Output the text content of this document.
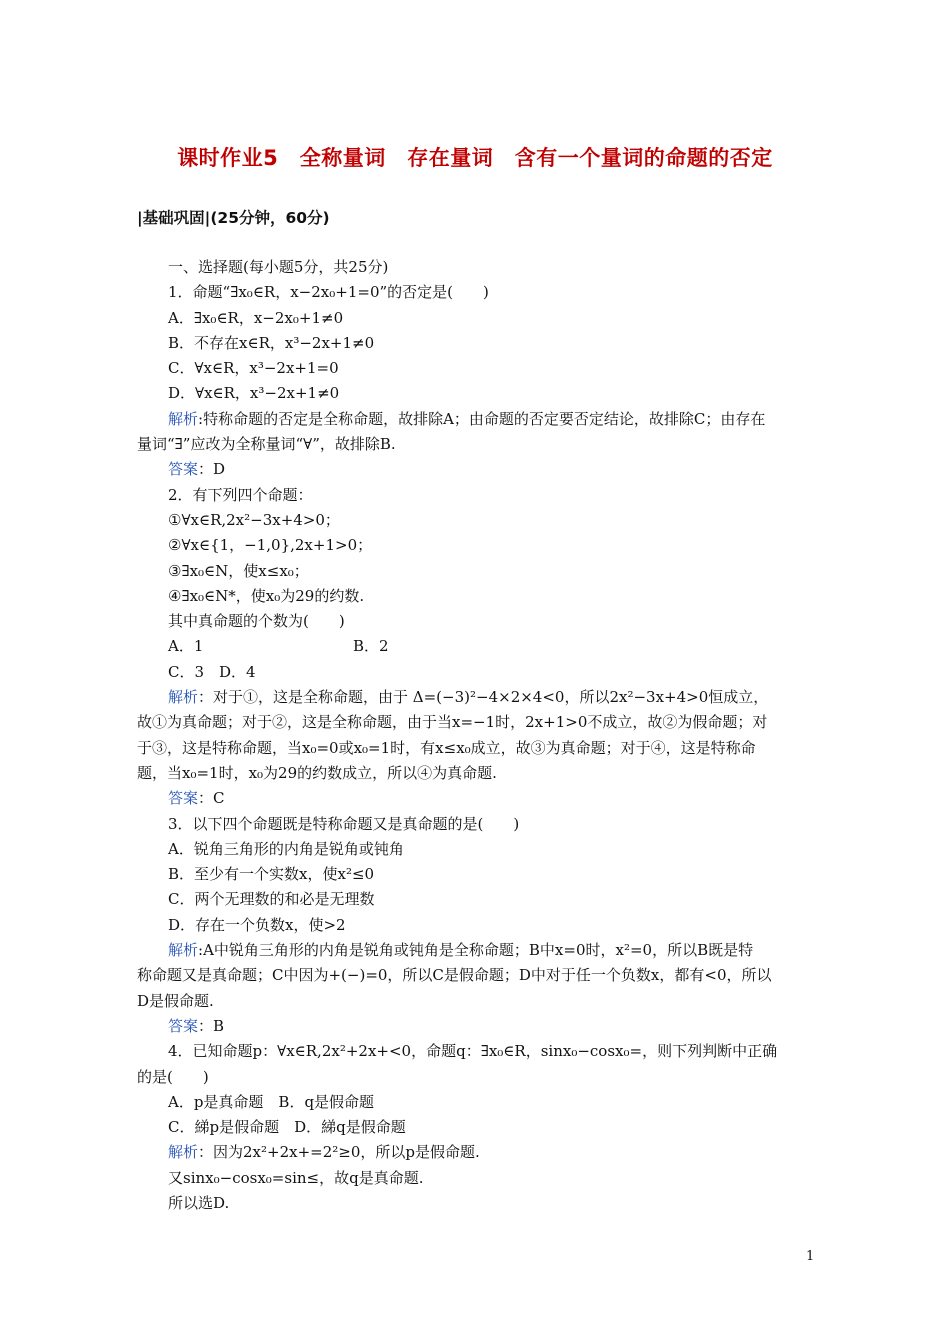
课时作业5　全称量词　存在量词　含有一个量词的命题的否定
|基础巩固|(25分钟，60分)
一、选择题(每小题5分，共25分)
1．命题“∃x₀∈R，x−2x₀+1=0”的否定是(　　)
A．∃x₀∈R，x−2x₀+1≠0
B．不存在x∈R，x³−2x+1≠0
C．∀x∈R，x³−2x+1=0
D．∀x∈R，x³−2x+1≠0
解析:特称命题的否定是全称命题，故排除A；由命题的否定要否定结论，故排除C；由存在
量词“∃”应改为全称量词“∀”，故排除B.
答案：D
2．有下列四个命题：
①∀x∈R,2x²−3x+4>0；
②∀x∈{1，−1,0},2x+1>0；
③∃x₀∈N，使x≤x₀；
④∃x₀∈N*，使x₀为29的约数.
其中真命题的个数为(　　)
A．1	B．2
C．3　D．4
解析：对于①，这是全称命题，由于 Δ=(−3)²−4×2×4<0，所以2x²−3x+4>0恒成立，
故①为真命题；对于②，这是全称命题，由于当x=−1时，2x+1>0不成立，故②为假命题；对
于③，这是特称命题，当x₀=0或x₀=1时，有x≤x₀成立，故③为真命题；对于④，这是特称命
题，当x₀=1时，x₀为29的约数成立，所以④为真命题.
答案：C
3．以下四个命题既是特称命题又是真命题的是(　　)
A．锐角三角形的内角是锐角或钝角
B．至少有一个实数x，使x²≤0
C．两个无理数的和必是无理数
D．存在一个负数x，使>2
解析:A中锐角三角形的内角是锐角或钝角是全称命题；B中x=0时，x²=0，所以B既是特
称命题又是真命题；C中因为+(−)=0，所以C是假命题；D中对于任一个负数x，都有<0，所以
D是假命题.
答案：B
4．已知命题p：∀x∈R,2x²+2x+<0，命题q：∃x₀∈R，sinx₀−cosx₀=，则下列判断中正确
的是(　　)
A．p是真命题　B．q是假命题
C．綈p是假命题　D．綈q是假命题
解析：因为2x²+2x+=2²≥0，所以p是假命题.
又sinx₀−cosx₀=sin≤，故q是真命题.
所以选D.
1
